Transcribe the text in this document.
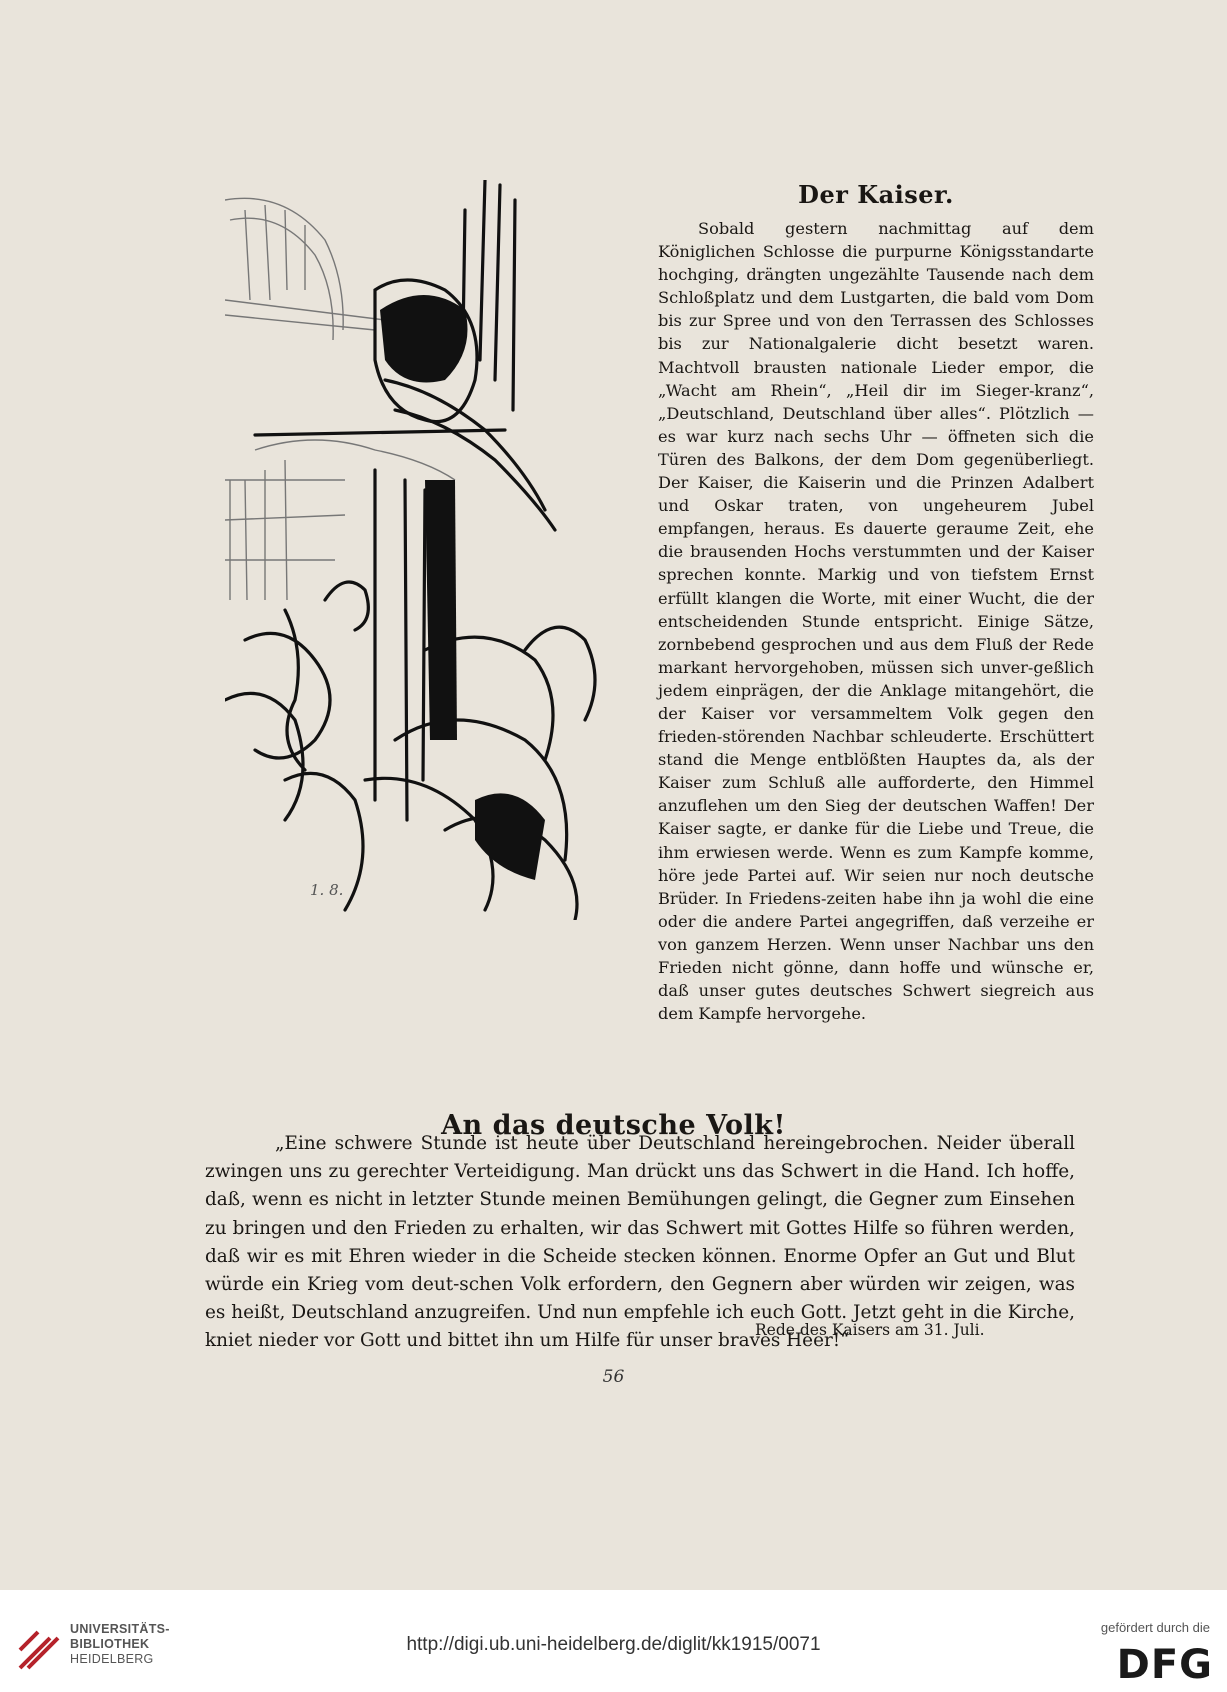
1. 8.
Der Kaiser.

Sobald gestern nachmittag auf dem Königlichen Schlosse die purpurne Königsstandarte hochging, drängten ungezählte Tausende nach dem Schloßplatz und dem Lustgarten, die bald vom Dom bis zur Spree und von den Terrassen des Schlosses bis zur Nationalgalerie dicht besetzt waren. Machtvoll brausten nationale Lieder empor, die „Wacht am Rhein“, „Heil dir im Sieger-kranz“, „Deutschland, Deutschland über alles“. Plötzlich — es war kurz nach sechs Uhr — öffneten sich die Türen des Balkons, der dem Dom gegenüberliegt. Der Kaiser, die Kaiserin und die Prinzen Adalbert und Oskar traten, von ungeheurem Jubel empfangen, heraus. Es dauerte geraume Zeit, ehe die brausenden Hochs verstummten und der Kaiser sprechen konnte. Markig und von tiefstem Ernst erfüllt klangen die Worte, mit einer Wucht, die der entscheidenden Stunde entspricht. Einige Sätze, zornbebend gesprochen und aus dem Fluß der Rede markant hervorgehoben, müssen sich unver-geßlich jedem einprägen, der die Anklage mitangehört, die der Kaiser vor versammeltem Volk gegen den frieden-störenden Nachbar schleuderte. Erschüttert stand die Menge entblößten Hauptes da, als der Kaiser zum Schluß alle aufforderte, den Himmel anzuflehen um den Sieg der deutschen Waffen! Der Kaiser sagte, er danke für die Liebe und Treue, die ihm erwiesen werde. Wenn es zum Kampfe komme, höre jede Partei auf. Wir seien nur noch deutsche Brüder. In Friedens-zeiten habe ihn ja wohl die eine oder die andere Partei angegriffen, daß verzeihe er von ganzem Herzen. Wenn unser Nachbar uns den Frieden nicht gönne, dann hoffe und wünsche er, daß unser gutes deutsches Schwert siegreich aus dem Kampfe hervorgehe.

An das deutsche Volk!

„Eine schwere Stunde ist heute über Deutschland hereingebrochen. Neider überall zwingen uns zu gerechter Verteidigung. Man drückt uns das Schwert in die Hand. Ich hoffe, daß, wenn es nicht in letzter Stunde meinen Bemühungen gelingt, die Gegner zum Einsehen zu bringen und den Frieden zu erhalten, wir das Schwert mit Gottes Hilfe so führen werden, daß wir es mit Ehren wieder in die Scheide stecken können. Enorme Opfer an Gut und Blut würde ein Krieg vom deut-schen Volk erfordern, den Gegnern aber würden wir zeigen, was es heißt, Deutschland anzugreifen. Und nun empfehle ich euch Gott. Jetzt geht in die Kirche, kniet nieder vor Gott und bittet ihn um Hilfe für unser braves Heer!“

Rede des Kaisers am 31. Juli.
56
UNIVERSITÄTS-
BIBLIOTHEK
HEIDELBERG
http://digi.ub.uni-heidelberg.de/diglit/kk1915/0071
gefördert durch die
DFG
